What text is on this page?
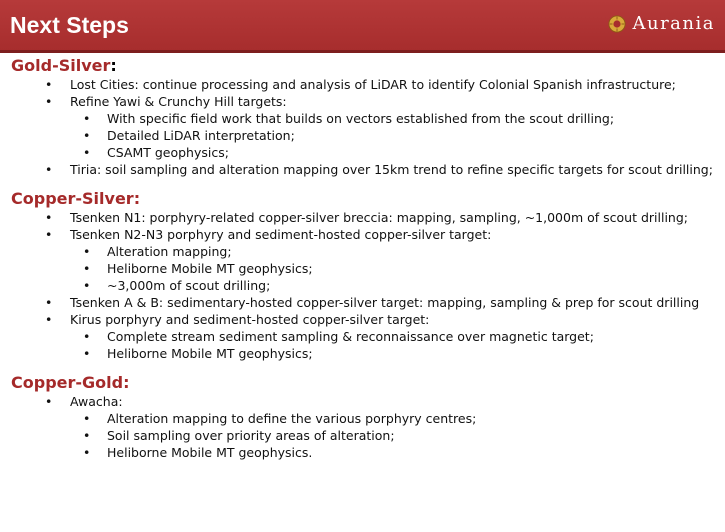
Next Steps	Aurania
Gold-Silver:
• Lost Cities: continue processing and analysis of LiDAR to identify Colonial Spanish infrastructure;
• Refine Yawi & Crunchy Hill targets:
• With specific field work that builds on vectors established from the scout drilling;
• Detailed LiDAR interpretation;
• CSAMT geophysics;
• Tiria: soil sampling and alteration mapping over 15km trend to refine specific targets for scout drilling;
Copper-Silver:
• Tsenken N1: porphyry-related copper-silver breccia: mapping, sampling, ~1,000m of scout drilling;
• Tsenken N2-N3 porphyry and sediment-hosted copper-silver target:
• Alteration mapping;
• Heliborne Mobile MT geophysics;
• ~3,000m of scout drilling;
• Tsenken A & B: sedimentary-hosted copper-silver target: mapping, sampling & prep for scout drilling
• Kirus porphyry and sediment-hosted copper-silver target:
• Complete stream sediment sampling & reconnaissance over magnetic target;
• Heliborne Mobile MT geophysics;
Copper-Gold:
• Awacha:
• Alteration mapping to define the various porphyry centres;
• Soil sampling over priority areas of alteration;
• Heliborne Mobile MT geophysics.
